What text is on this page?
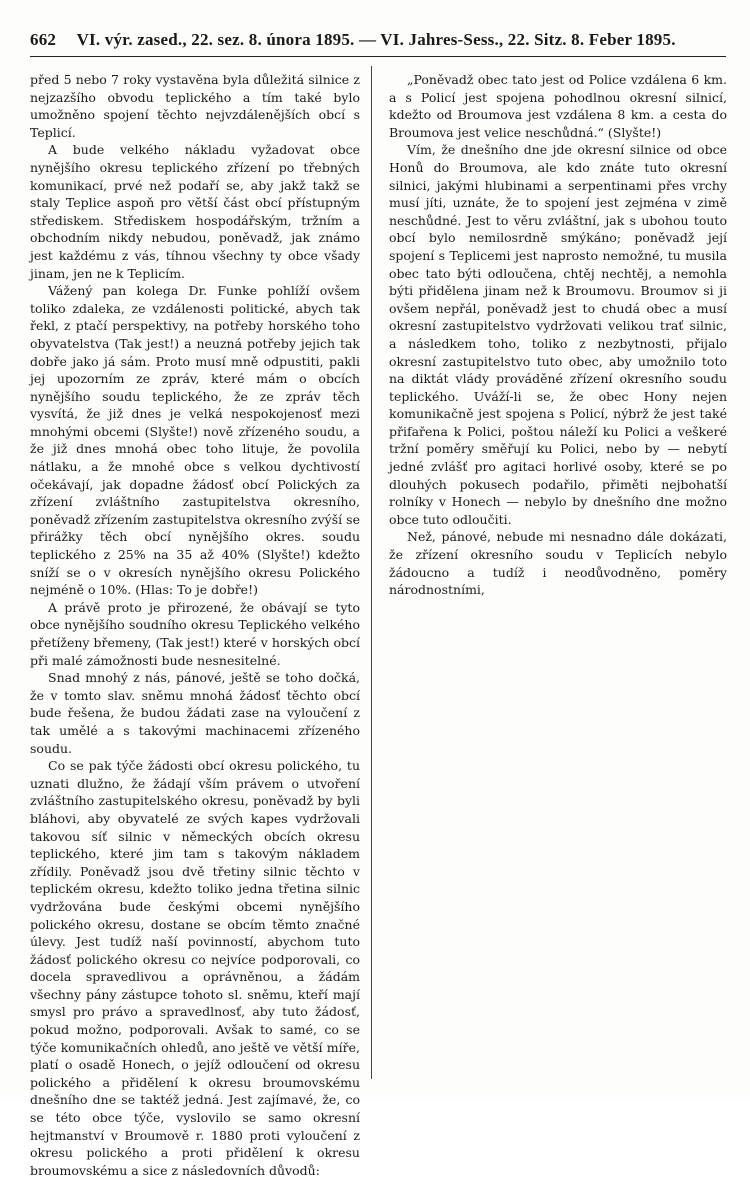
662 VI. výr. zased., 22. sez. 8. února 1895. — VI. Jahres-Sess., 22. Sitz. 8. Feber 1895.

před 5 nebo 7 roky vystavěna byla důležitá silnice z nejzazšího obvodu teplického a tím také bylo umožněno spojení těchto nejvzdálenějších obcí s Teplicí.

A bude velkého nákladu vyžadovat obce nynějšího okresu teplického zřízení po třebných komunikací, prvé než podaří se, aby jakž takž se staly Teplice aspoň pro větší část obcí přístupným střediskem. Střediskem hospodářským, tržním a obchodním nikdy nebudou, poněvadž, jak známo jest každému z vás, tíhnou všechny ty obce všady jinam, jen ne k Teplicím.

Vážený pan kolega Dr. Funke pohlíží ovšem toliko zdaleka, ze vzdálenosti politické, abych tak řekl, z ptačí perspektivy, na potřeby horského toho obyvatelstva (Tak jest!) a neuzná potřeby jejich tak dobře jako já sám. Proto musí mně odpustiti, pakli jej upozorním ze zpráv, které mám o obcích nynějšího soudu teplického, že ze zpráv těch vysvítá, že již dnes je velká nespokojenosť mezi mnohými obcemi (Slyšte!) nově zřízeného soudu, a že již dnes mnohá obec toho lituje, že povolila nátlaku, a že mnohé obce s velkou dychtivostí očekávají, jak dopadne žádosť obcí Polických za zřízení zvláštního zastupitelstva okresního, poněvadž zřízením zastupitelstva okresního zvýší se přirážky těch obcí nynějšího okres. soudu teplického z 25% na 35 až 40% (Slyšte!) kdežto sníží se o v okresích nynějšího okresu Polického nejméně o 10%. (Hlas: To je dobře!)

A právě proto je přirozené, že obávají se tyto obce nynějšího soudního okresu Teplického velkého přetíženy břemeny, (Tak jest!) které v horských obcí při malé zámožnosti bude nesnesitelné.

Snad mnohý z nás, pánové, ještě se toho dočká, že v tomto slav. sněmu mnohá žádosť těchto obcí bude řešena, že budou žádati zase na vyloučení z tak umělé a s takovými machinacemi zřízeného soudu.

Co se pak týče žádosti obcí okresu polického, tu uznati dlužno, že žádají vším právem o utvoření zvláštního zastupitelského okresu, poněvadž by byli bláhovi, aby obyvatelé ze svých kapes vydržovali takovou síť silnic v německých obcích okresu teplického, které jim tam s takovým nákladem zřídily. Poněvadž jsou dvě třetiny silnic těchto v teplickém okresu, kdežto toliko jedna třetina silnic vydržována bude českými obcemi nynějšího polického okresu, dostane se obcím těmto značné úlevy. Jest tudíž naší povinností, abychom tuto žádosť polického okresu co nejvíce podporovali, co docela spravedlivou a oprávněnou, a žádám všechny pány zástupce tohoto sl. sněmu, kteří mají smysl pro právo a spravedlnosť, aby tuto žádosť, pokud možno, podporovali. Avšak to samé, co se týče komunikačních ohledů, ano ještě ve větší míře, platí o osadě Honech, o jejíž odloučení od okresu polického a přidělení k okresu broumovskému dnešního dne se taktéž jedná. Jest zajímavé, že, co se této obce týče, vyslovilo se samo okresní hejtmanství v Broumově r. 1880 proti vyloučení z okresu polického a proti přidělení k okresu broumovskému a sice z následovních důvodů:

„Poněvadž obec tato jest od Police vzdálena 6 km. a s Policí jest spojena pohodlnou okresní silnicí, kdežto od Broumova jest vzdálena 8 km. a cesta do Broumova jest velice neschůdná.“ (Slyšte!)

Vím, že dnešního dne jde okresní silnice od obce Honů do Broumova, ale kdo znáte tuto okresní silnici, jakými hlubinami a serpentinami přes vrchy musí jíti, uznáte, že to spojení jest zejména v zimě neschůdné. Jest to věru zvláštní, jak s ubohou touto obcí bylo nemilosrdně smýkáno; poněvadž její spojení s Teplicemi jest naprosto nemožné, tu musila obec tato býti odloučena, chtěj nechtěj, a nemohla býti přidělena jinam než k Broumovu. Broumov si ji ovšem nepřál, poněvadž jest to chudá obec a musí okresní zastupitelstvo vydržovati velikou trať silnic, a následkem toho, toliko z nezbytnosti, přijalo okresní zastupitelstvo tuto obec, aby umožnilo toto na diktát vlády prováděné zřízení okresního soudu teplického. Uváží-li se, že obec Hony nejen komunikačně jest spojena s Policí, nýbrž že jest také přifařena k Polici, poštou náleží ku Polici a veškeré tržní poměry směřují ku Polici, nebo by — nebytí jedné zvlášť pro agitaci horlivé osoby, které se po dlouhých pokusech podařilo, přiměti nejbohatší rolníky v Honech — nebylo by dnešního dne možno obce tuto odloučiti.

Než, pánové, nebude mi nesnadno dále dokázati, že zřízení okresního soudu v Teplicích nebylo žádoucno a tudíž i neodůvodněno, poměry národnostními,
